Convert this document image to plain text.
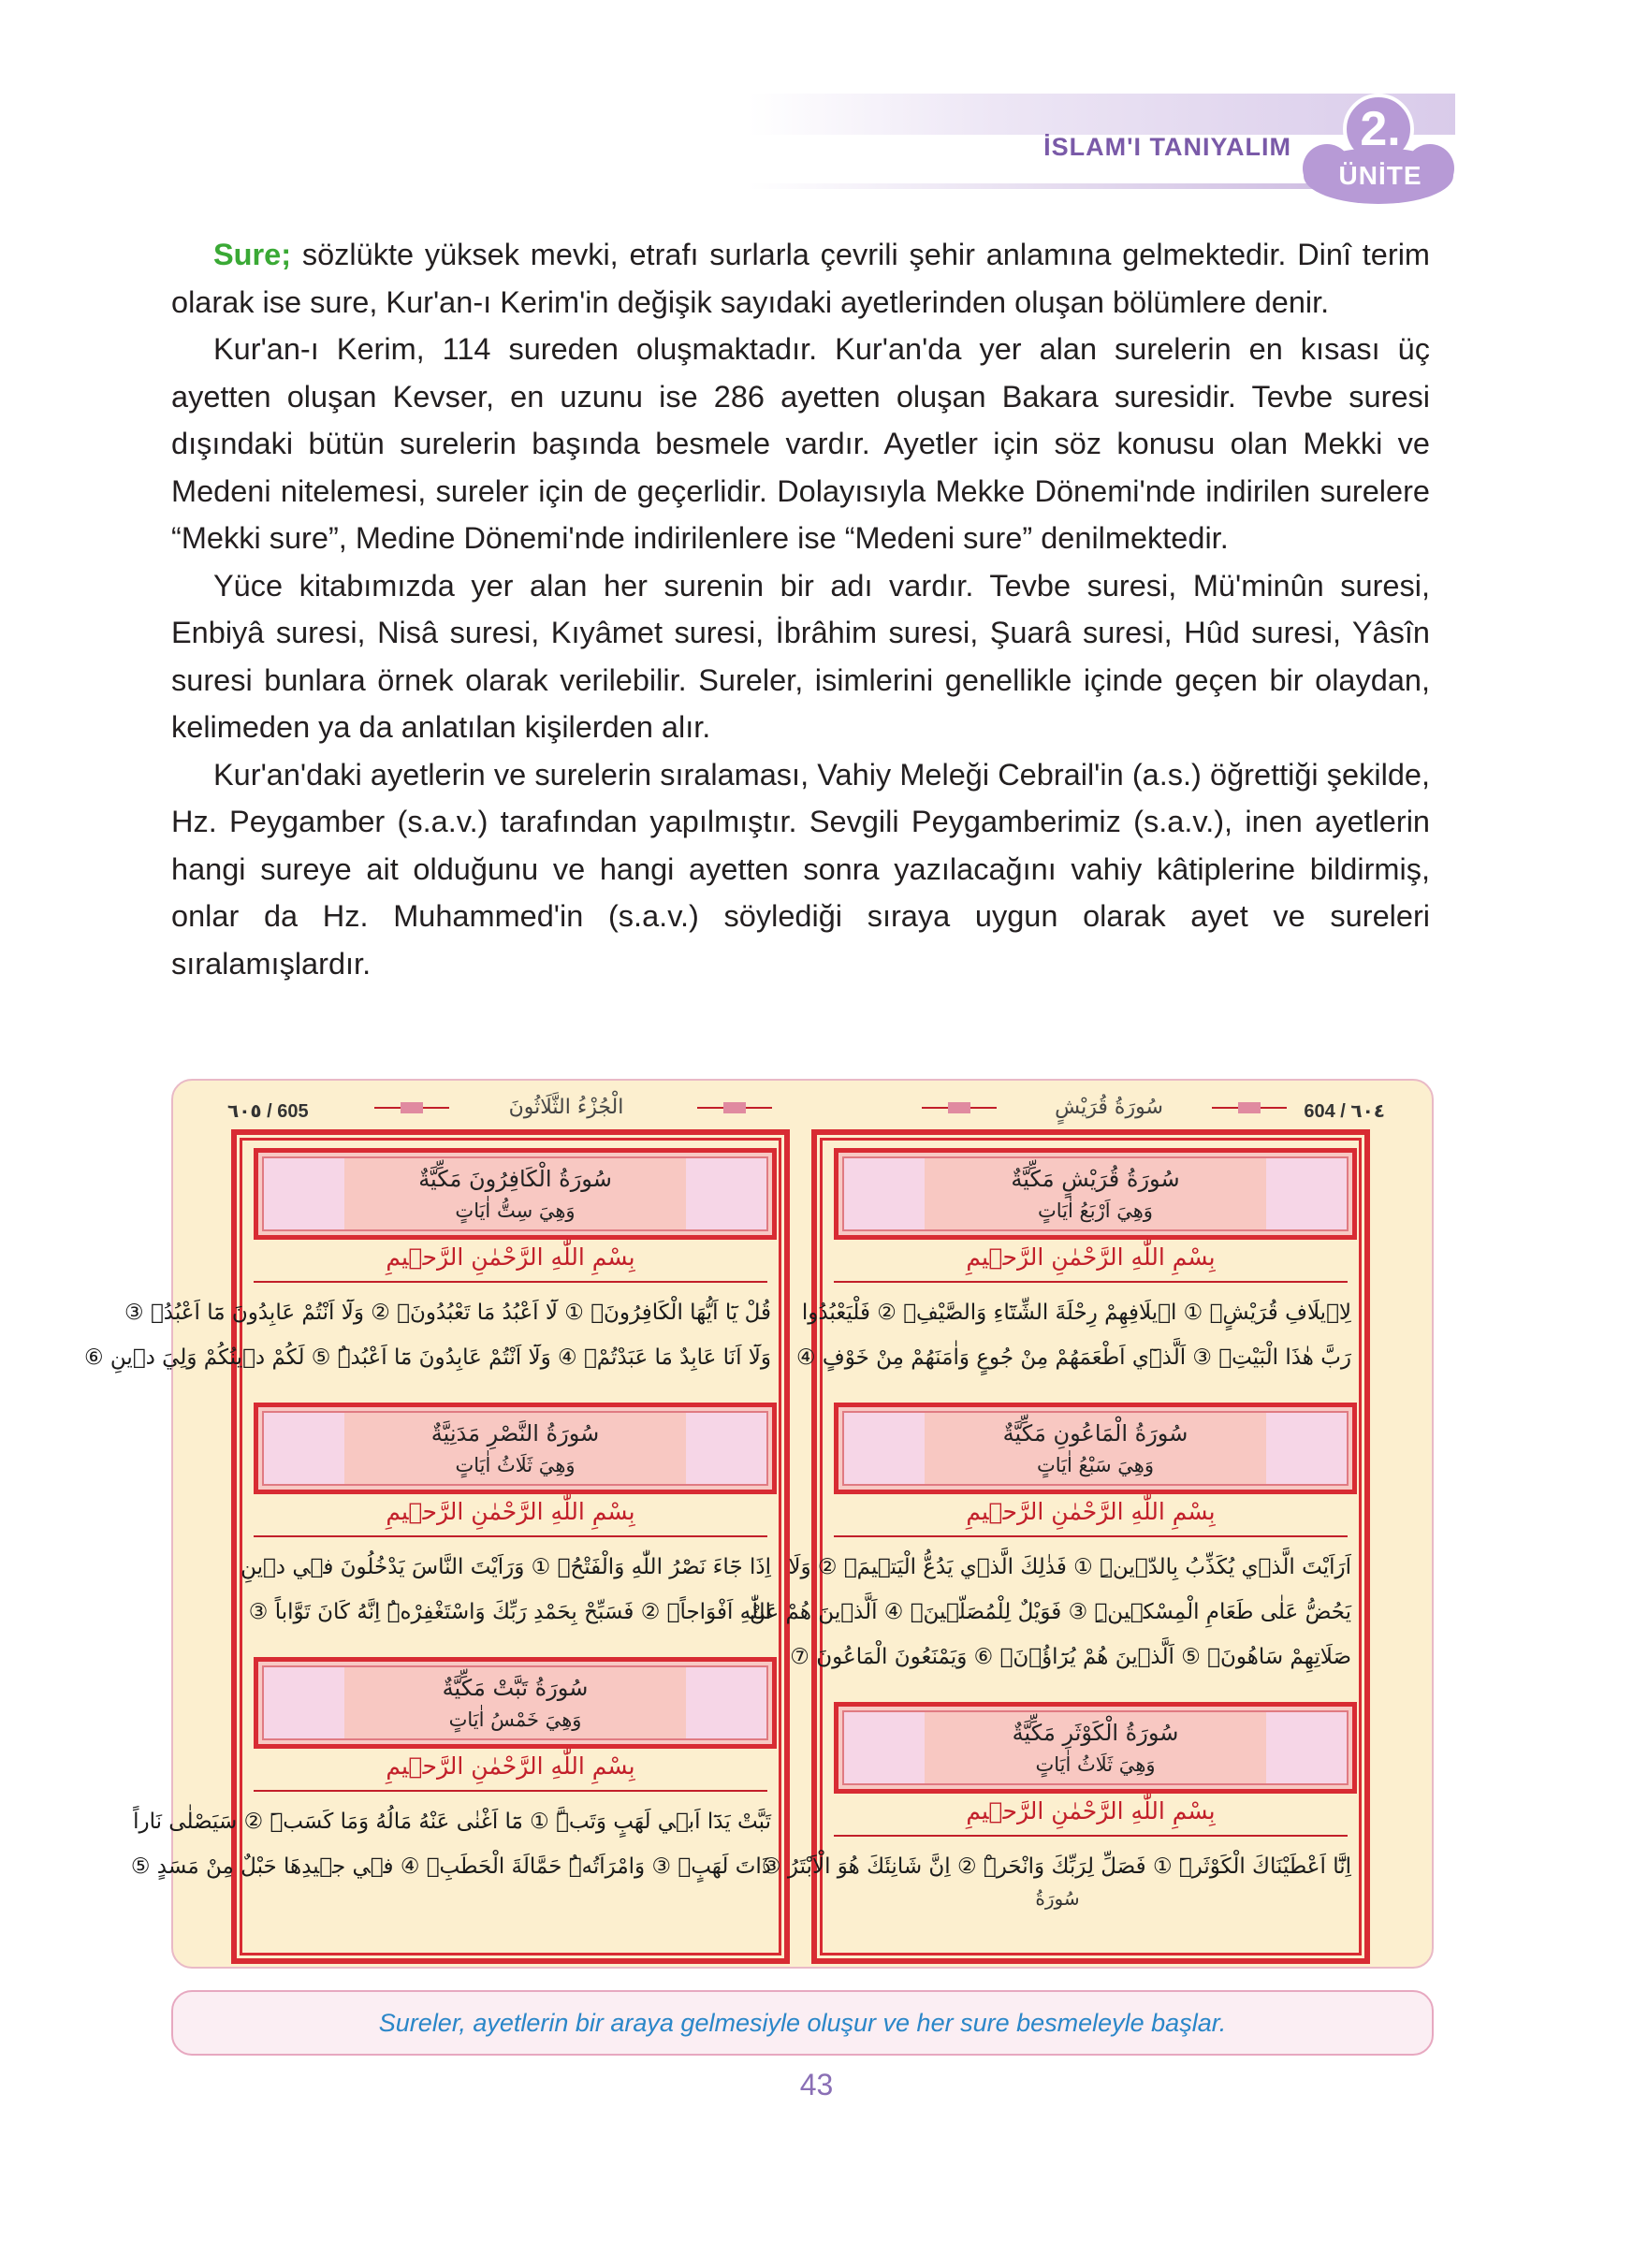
İSLAM'I TANIYALIM	2.
ÜNİTE

Sure; sözlükte yüksek mevki, etrafı surlarla çevrili şehir anlamına gelmektedir. Dinî terim olarak ise sure, Kur'an-ı Kerim'in değişik sayıdaki ayetlerinden oluşan bölümlere denir.

Kur'an-ı Kerim, 114 sureden oluşmaktadır. Kur'an'da yer alan surelerin en kısası üç ayetten oluşan Kevser, en uzunu ise 286 ayetten oluşan Bakara suresidir. Tevbe suresi dışındaki bütün surelerin başında besmele vardır. Ayetler için söz konusu olan Mekki ve Medeni nitelemesi, sureler için de geçerlidir. Dolayısıyla Mekke Dönemi'nde indirilen surelere “Mekki sure”, Medine Dönemi'nde indirilenlere ise “Medeni sure” denilmektedir.

Yüce kitabımızda yer alan her surenin bir adı vardır. Tevbe suresi, Mü'minûn suresi, Enbiyâ suresi, Nisâ suresi, Kıyâmet suresi, İbrâhim suresi, Şuarâ suresi, Hûd suresi, Yâsîn suresi bunlara örnek olarak verilebilir. Sureler, isimlerini genellikle içinde geçen bir olaydan, kelimeden ya da anlatılan kişilerden alır.

Kur'an'daki ayetlerin ve surelerin sıralaması, Vahiy Meleği Cebrail'in (a.s.) öğrettiği şekilde, Hz. Peygamber (s.a.v.) tarafından yapılmıştır. Sevgili Peygamberimiz (s.a.v.), inen ayetlerin hangi sureye ait olduğunu ve hangi ayetten sonra yazılacağını vahiy kâtiplerine bildirmiş, onlar da Hz. Muhammed'in (s.a.v.) söylediği sıraya uygun olarak ayet ve sureleri sıralamışlardır.

٦٠٥ / 605	604 / ٦٠٤
الْجُزْءُ الثَّلَاثُونَ	سُورَةُ قُرَيْشٍ
سُورَةُ الْكَافِرُونَ مَكِّيَّةٌ
وَهِيَ سِتُّ اٰيَاتٍ
بِسْمِ اللّٰهِ الرَّحْمٰنِ الرَّح۪يمِ
قُلْ يَٓا اَيُّهَا الْكَافِرُونَۙ ① لَٓا اَعْبُدُ مَا تَعْبُدُونَۙ ② وَلَٓا اَنْتُمْ عَابِدُونَ مَٓا اَعْبُدُۚ ③
وَلَٓا اَنَا عَابِدٌ مَا عَبَدْتُمْۙ ④ وَلَٓا اَنْتُمْ عَابِدُونَ مَٓا اَعْبُدُۜ ⑤ لَكُمْ د۪ينُكُمْ وَلِيَ د۪ينِ ⑥
سُورَةُ النَّصْرِ مَدَنِيَّةٌ
وَهِيَ ثَلَاثُ اٰيَاتٍ
بِسْمِ اللّٰهِ الرَّحْمٰنِ الرَّح۪يمِ
اِذَا جَٓاءَ نَصْرُ اللّٰهِ وَالْفَتْحُۙ ① وَرَاَيْتَ النَّاسَ يَدْخُلُونَ ف۪ي د۪ينِ
اللّٰهِ اَفْوَاجاًۙ ② فَسَبِّحْ بِحَمْدِ رَبِّكَ وَاسْتَغْفِرْهُۜ اِنَّهُ كَانَ تَوَّاباً ③
سُورَةُ تَبَّتْ مَكِّيَّةٌ
وَهِيَ خَمْسُ اٰيَاتٍ
بِسْمِ اللّٰهِ الرَّحْمٰنِ الرَّح۪يمِ
تَبَّتْ يَدَٓا اَب۪ي لَهَبٍ وَتَبَّۜ ① مَٓا اَغْنٰى عَنْهُ مَالُهُ وَمَا كَسَبَۜ ② سَيَصْلٰى نَاراً
ذَاتَ لَهَبٍۚ ③ وَامْرَاَتُهُۜ حَمَّالَةَ الْحَطَبِۚ ④ ف۪ي ج۪يدِهَا حَبْلٌ مِنْ مَسَدٍ ⑤
سُورَةُ قُرَيْشٍ مَكِّيَّةٌ
وَهِيَ اَرْبَعُ اٰيَاتٍ
بِسْمِ اللّٰهِ الرَّحْمٰنِ الرَّح۪يمِ
لِا۪يلَافِ قُرَيْشٍۙ ① ا۪يلَافِهِمْ رِحْلَةَ الشِّتَٓاءِ وَالصَّيْفِۚ ② فَلْيَعْبُدُوا
رَبَّ هٰذَا الْبَيْتِۙ ③ اَلَّذ۪ٓي اَطْعَمَهُمْ مِنْ جُوعٍ وَاٰمَنَهُمْ مِنْ خَوْفٍ ④
سُورَةُ الْمَاعُونِ مَكِّيَّةٌ
وَهِيَ سَبْعُ اٰيَاتٍ
بِسْمِ اللّٰهِ الرَّحْمٰنِ الرَّح۪يمِ
اَرَاَيْتَ الَّذ۪ي يُكَذِّبُ بِالدّ۪ينِۜ ① فَذٰلِكَ الَّذ۪ي يَدُعُّ الْيَت۪يمَۙ ② وَلَا
يَحُضُّ عَلٰى طَعَامِ الْمِسْك۪ينِۜ ③ فَوَيْلٌ لِلْمُصَلّ۪ينَۙ ④ اَلَّذ۪ينَ هُمْ عَنْ
صَلَاتِهِمْ سَاهُونَۙ ⑤ اَلَّذ۪ينَ هُمْ يُرَٓاؤُ۫نَۙ ⑥ وَيَمْنَعُونَ الْمَاعُونَ ⑦
سُورَةُ الْكَوْثَرِ مَكِّيَّةٌ
وَهِيَ ثَلَاثُ اٰيَاتٍ
بِسْمِ اللّٰهِ الرَّحْمٰنِ الرَّح۪يمِ
اِنَّٓا اَعْطَيْنَاكَ الْكَوْثَرَۜ ① فَصَلِّ لِرَبِّكَ وَانْحَرْۜ ② اِنَّ شَانِئَكَ هُوَ الْاَبْتَرُ ③
سُورَةُ
Sureler, ayetlerin bir araya gelmesiyle oluşur ve her sure besmeleyle başlar.
43
